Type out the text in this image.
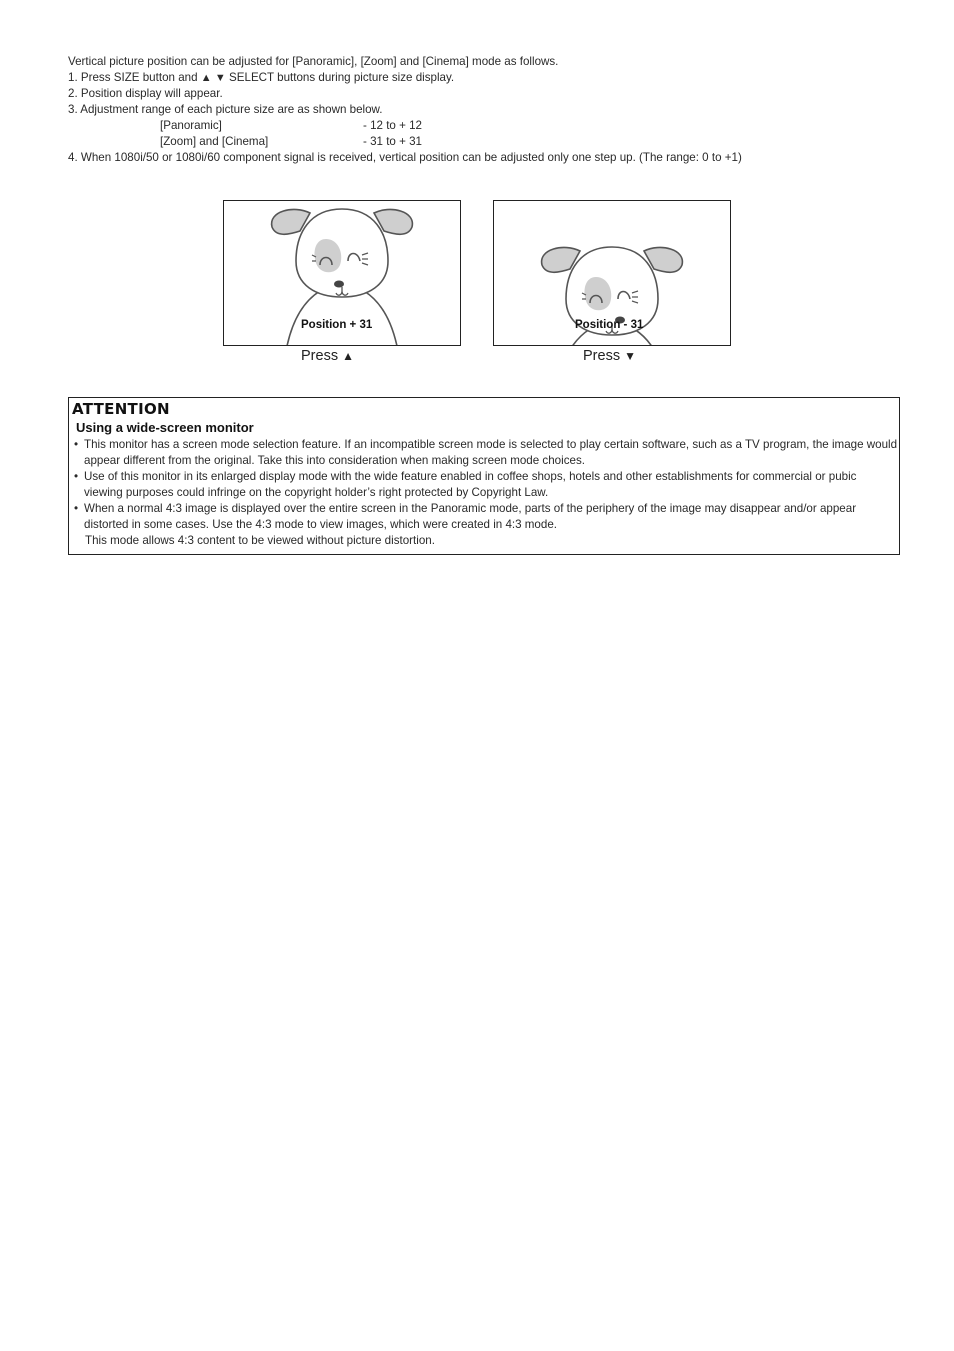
Vertical picture position can be adjusted for [Panoramic], [Zoom] and [Cinema] mode as follows.

1. Press SIZE button and ▲ ▼ SELECT buttons during picture size display.

2. Position display will appear.

3. Adjustment range of each picture size are as shown below.

[Panoramic]	- 12 to + 12
[Zoom] and [Cinema]	- 31 to + 31

4. When 1080i/50 or 1080i/60 component signal is received, vertical position can be adjusted only one step up. (The range: 0 to +1)

Position + 31
Press ▲
Position - 31
Press ▼
ATTENTION
Using a wide-screen monitor
• This monitor has a screen mode selection feature. If an incompatible screen mode is selected to play certain software, such as a TV program, the image would appear different from the original. Take this into consideration when making screen mode choices.
• Use of this monitor in its enlarged display mode with the wide feature enabled in coffee shops, hotels and other establishments for commercial or pubic viewing purposes could infringe on the copyright holder’s right protected by Copyright Law.
• When a normal 4:3 image is displayed over the entire screen in the Panoramic mode, parts of the periphery of the image may disappear and/or appear distorted in some cases. Use the 4:3 mode to view images, which were created in 4:3 mode.
This mode allows 4:3 content to be viewed without picture distortion.
